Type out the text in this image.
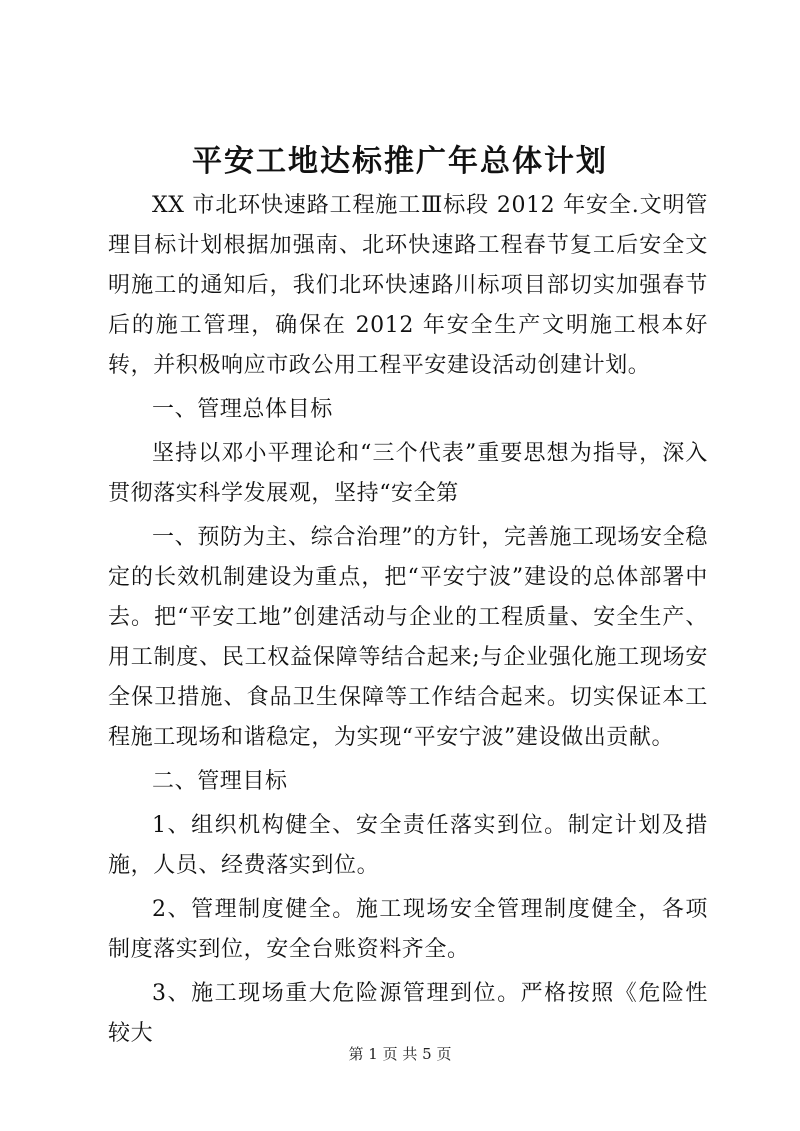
平安工地达标推广年总体计划

XX 市北环快速路工程施工Ⅲ标段 2012 年安全.文明管理目标计划根据加强南、北环快速路工程春节复工后安全文明施工的通知后，我们北环快速路川标项目部切实加强春节后的施工管理，确保在 2012 年安全生产文明施工根本好转，并积极响应市政公用工程平安建设活动创建计划。

一、管理总体目标

坚持以邓小平理论和“三个代表”重要思想为指导，深入贯彻落实科学发展观，坚持“安全第

一、预防为主、综合治理”的方针，完善施工现场安全稳定的长效机制建设为重点，把“平安宁波”建设的总体部署中去。把“平安工地”创建活动与企业的工程质量、安全生产、用工制度、民工权益保障等结合起来;与企业强化施工现场安全保卫措施、食品卫生保障等工作结合起来。切实保证本工程施工现场和谐稳定，为实现“平安宁波”建设做出贡献。

二、管理目标

1、组织机构健全、安全责任落实到位。制定计划及措施，人员、经费落实到位。

2、管理制度健全。施工现场安全管理制度健全，各项制度落实到位，安全台账资料齐全。

3、施工现场重大危险源管理到位。严格按照《危险性较大

第 1 页 共 5 页
